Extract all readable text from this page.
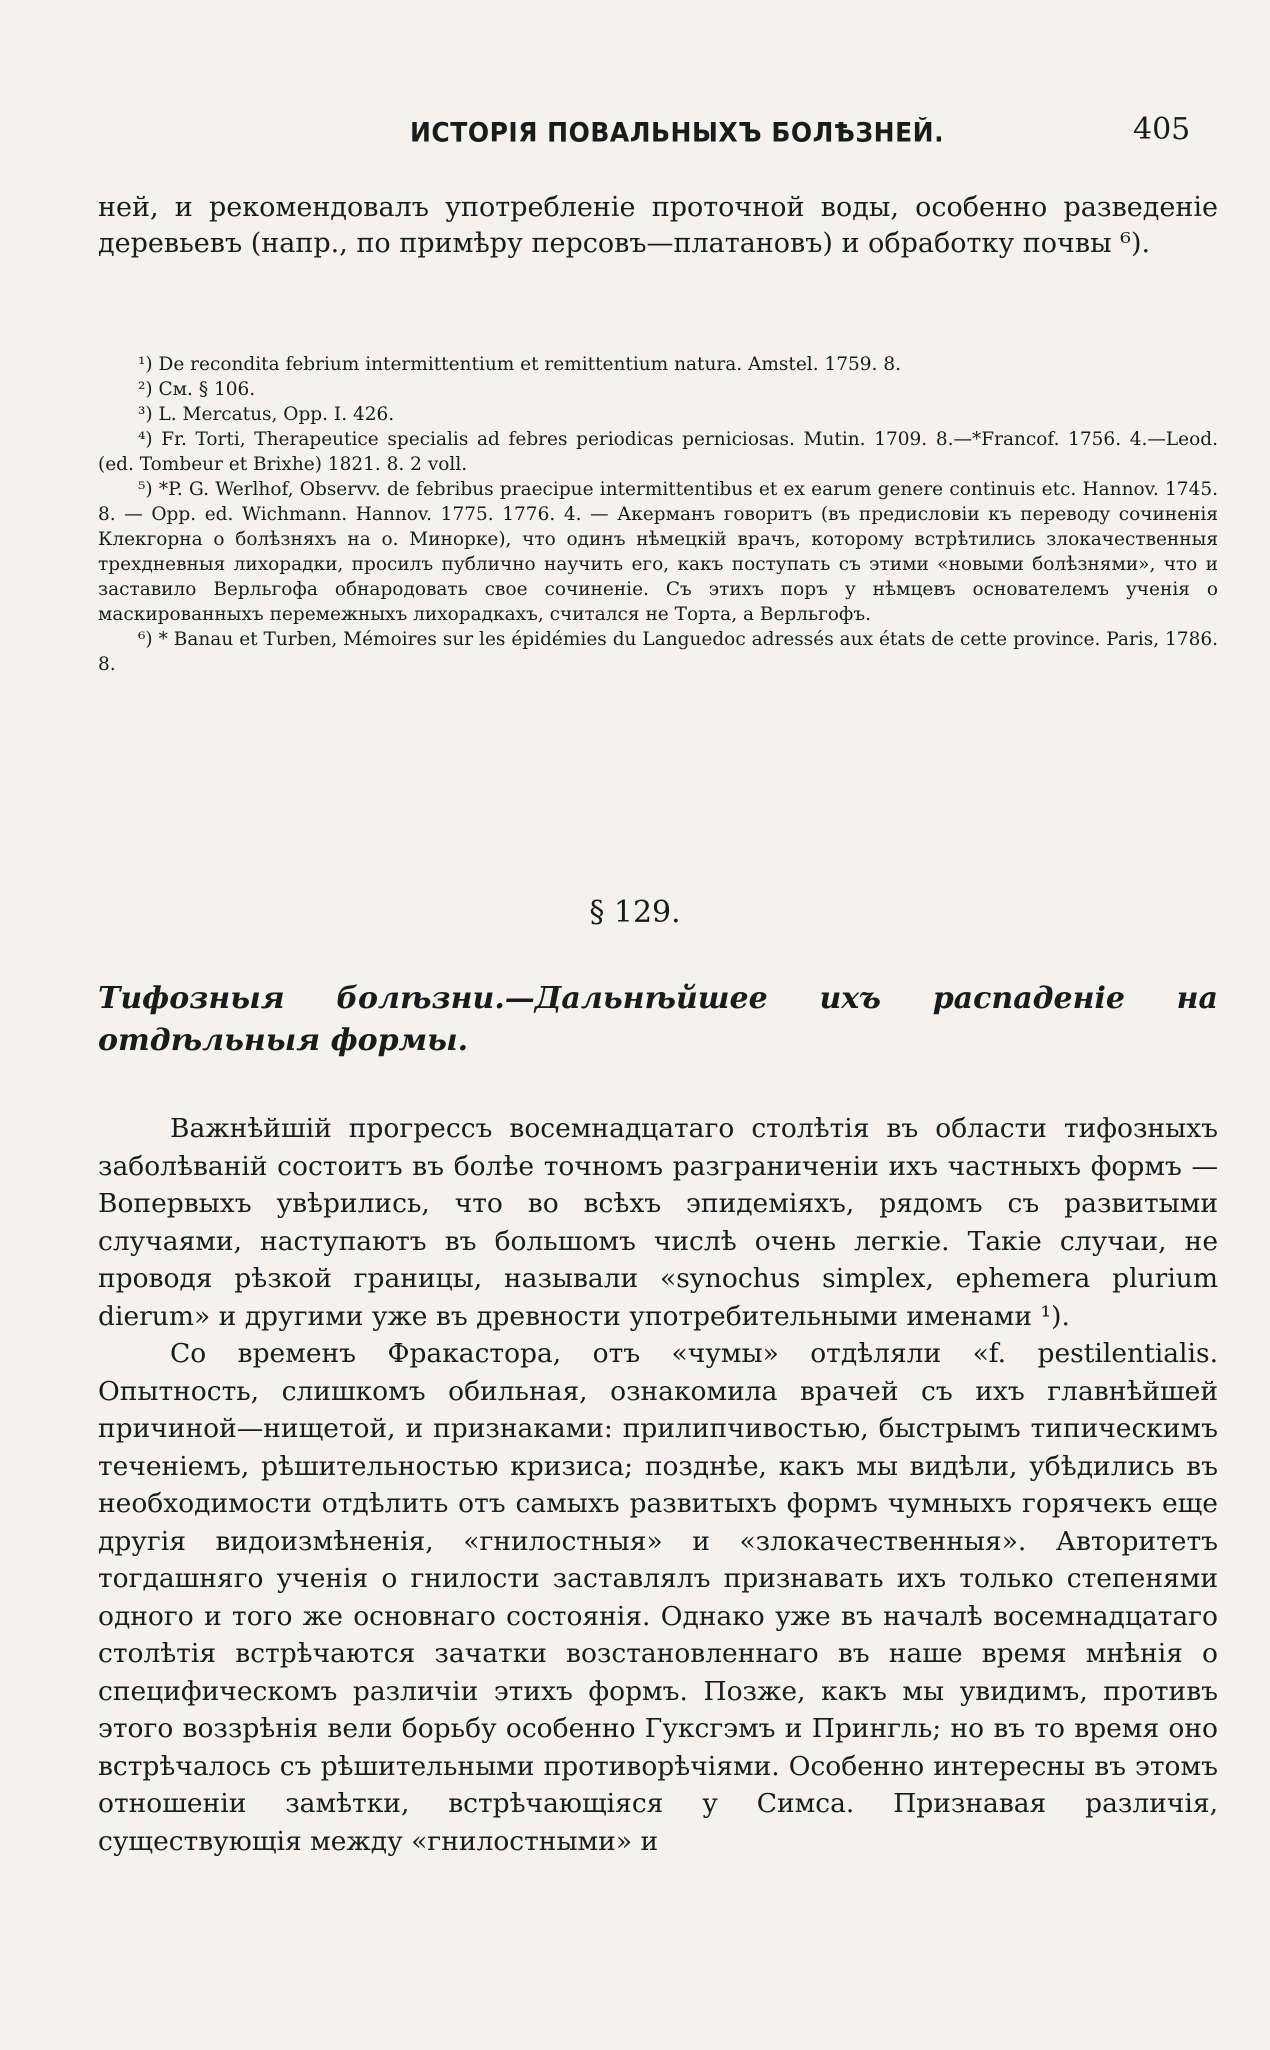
ИСТОРІЯ ПОВАЛЬНЫХЪ БОЛѢЗНЕЙ.	405
ней, и рекомендовалъ употребленіе проточной воды, особенно разведеніе деревьевъ (напр., по примѣру персовъ—платановъ) и обработку почвы ⁶).

¹) De recondita febrium intermittentium et remittentium natura. Amstel. 1759. 8.

²) См. § 106.

³) L. Mercatus, Opp. I. 426.

⁴) Fr. Torti, Therapeutice specialis ad febres periodicas perniciosas. Mutin. 1709. 8.—*Francof. 1756. 4.—Leod. (ed. Tombeur et Brixhe) 1821. 8. 2 voll.

⁵) *P. G. Werlhof, Observv. de febribus praecipue intermittentibus et ex earum genere continuis etc. Hannov. 1745. 8. — Opp. ed. Wichmann. Hannov. 1775. 1776. 4. — Акерманъ говоритъ (въ предисловіи къ переводу сочиненія Клекгорна о болѣзняхъ на о. Минорке), что одинъ нѣмецкій врачъ, которому встрѣтились злокачественныя трехдневныя лихорадки, просилъ публично научить его, какъ поступать съ этими «новыми болѣзнями», что и заставило Верльгофа обнародовать свое сочиненіе. Съ этихъ поръ у нѣмцевъ основателемъ ученія о маскированныхъ перемежныхъ лихорадкахъ, считался не Торта, а Верльгофъ.

⁶) * Banau et Turben, Mémoires sur les épidémies du Languedoc adressés aux états de cette province. Paris, 1786. 8.

§ 129.
Тифозныя болѣзни.—Дальнѣйшее ихъ распаденіе на отдѣльныя формы.

Важнѣйшій прогрессъ восемнадцатаго столѣтія въ области тифозныхъ заболѣваній состоитъ въ болѣе точномъ разграниченіи ихъ частныхъ формъ — Вопервыхъ увѣрились, что во всѣхъ эпидеміяхъ, рядомъ съ развитыми случаями, наступаютъ въ большомъ числѣ очень легкіе. Такіе случаи, не проводя рѣзкой границы, называли «synochus simplex, ephemera plurium dierum» и другими уже въ древности употребительными именами ¹).

Со временъ Фракастора, отъ «чумы» отдѣляли «f. pestilentialis. Опытность, слишкомъ обильная, ознакомила врачей съ ихъ главнѣйшей причиной—нищетой, и признаками: прилипчивостью, быстрымъ типическимъ теченіемъ, рѣшительностью кризиса; позднѣе, какъ мы видѣли, убѣдились въ необходимости отдѣлить отъ самыхъ развитыхъ формъ чумныхъ горячекъ еще другія видоизмѣненія, «гнилостныя» и «злокачественныя». Авторитетъ тогдашняго ученія о гнилости заставлялъ признавать ихъ только степенями одного и того же основнаго состоянія. Однако уже въ началѣ восемнадцатаго столѣтія встрѣчаются зачатки возстановленнаго въ наше время мнѣнія о специфическомъ различіи этихъ формъ. Позже, какъ мы увидимъ, противъ этого воззрѣнія вели борьбу особенно Гуксгэмъ и Прингль; но въ то время оно встрѣчалось съ рѣшительными противорѣчіями. Особенно интересны въ этомъ отношеніи замѣтки, встрѣчающіяся у Симса. Признавая различія, существующія между «гнилостными» и
